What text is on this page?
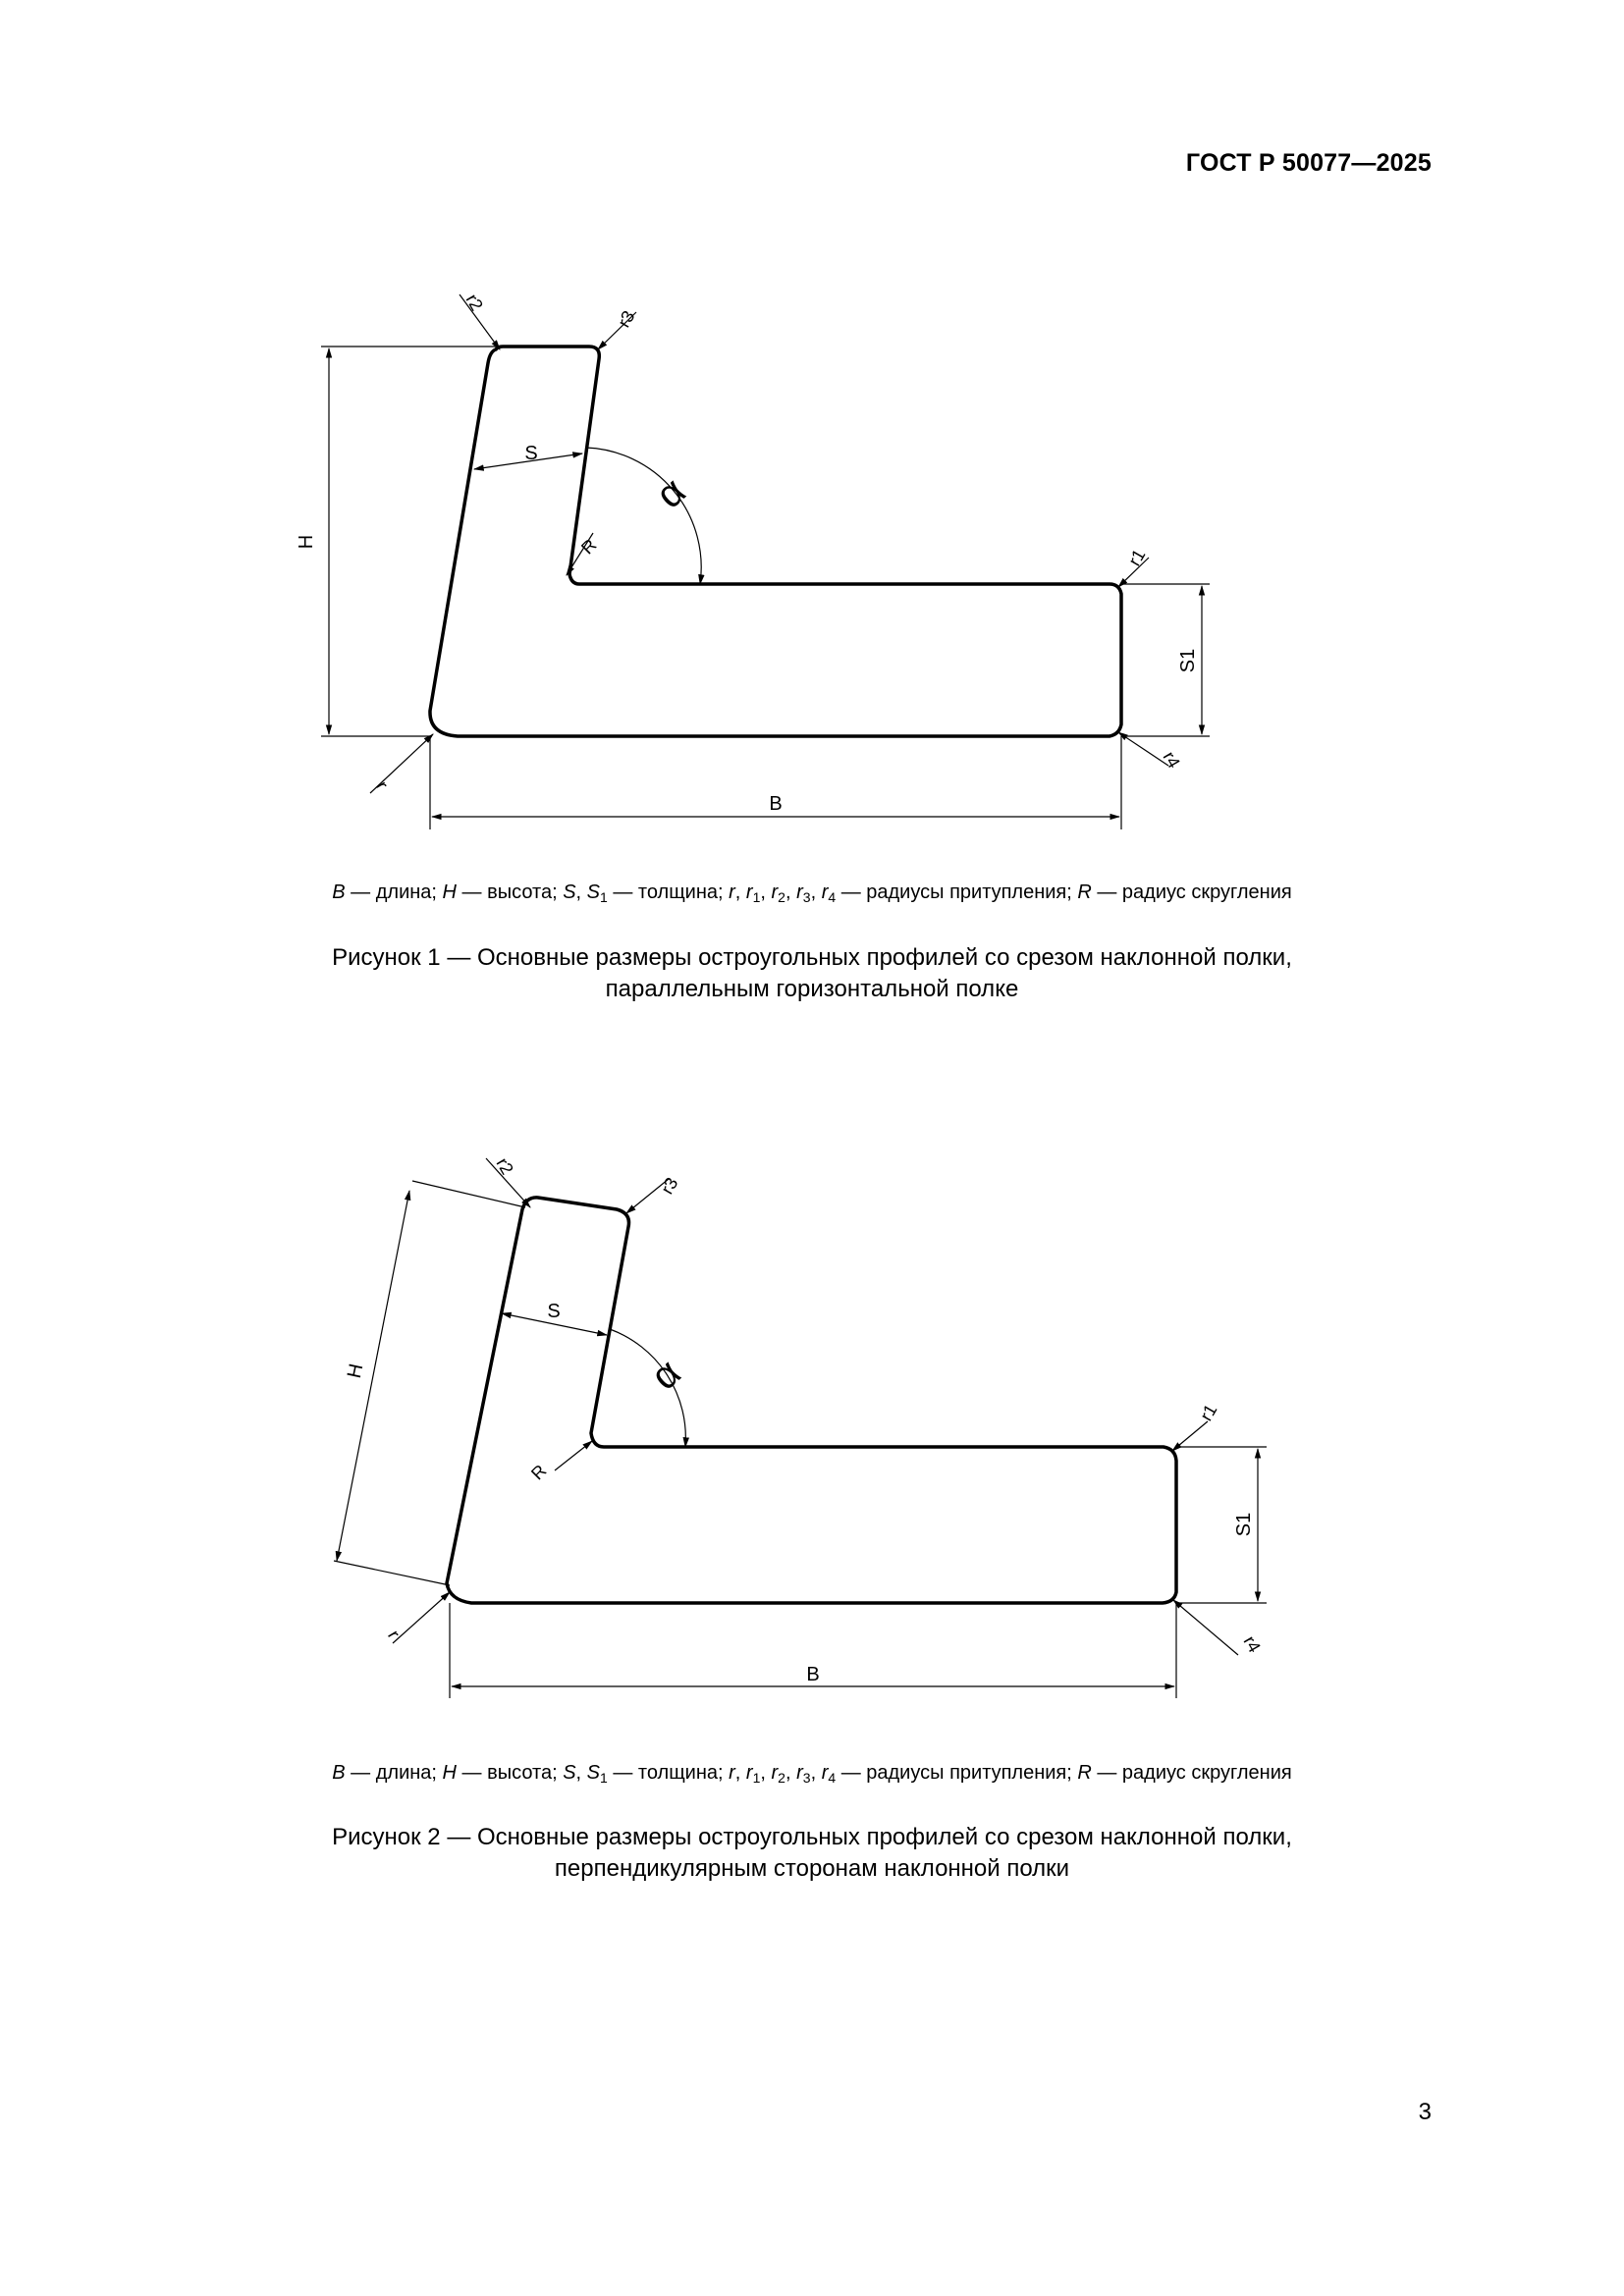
ГОСТ Р 50077—2025
H
B
S1
S
α
R
r2
r3
r1
r4
r
B — длина; H — высота; S, $S_1$ — толщина; r, $r_1$, $r_2$, $r_3$, $r_4$ — радиусы притупления; R — радиус скругления
Рисунок 1 — Основные размеры остроугольных профилей со срезом наклонной полки,
параллельным горизонтальной полке
H
B
S1
S
α
R
r2
r3
r1
r4
r
B — длина; H — высота; S, $S_1$ — толщина; r, $r_1$, $r_2$, $r_3$, $r_4$ — радиусы притупления; R — радиус скругления
Рисунок 2 — Основные размеры остроугольных профилей со срезом наклонной полки,
перпендикулярным сторонам наклонной полки
3
